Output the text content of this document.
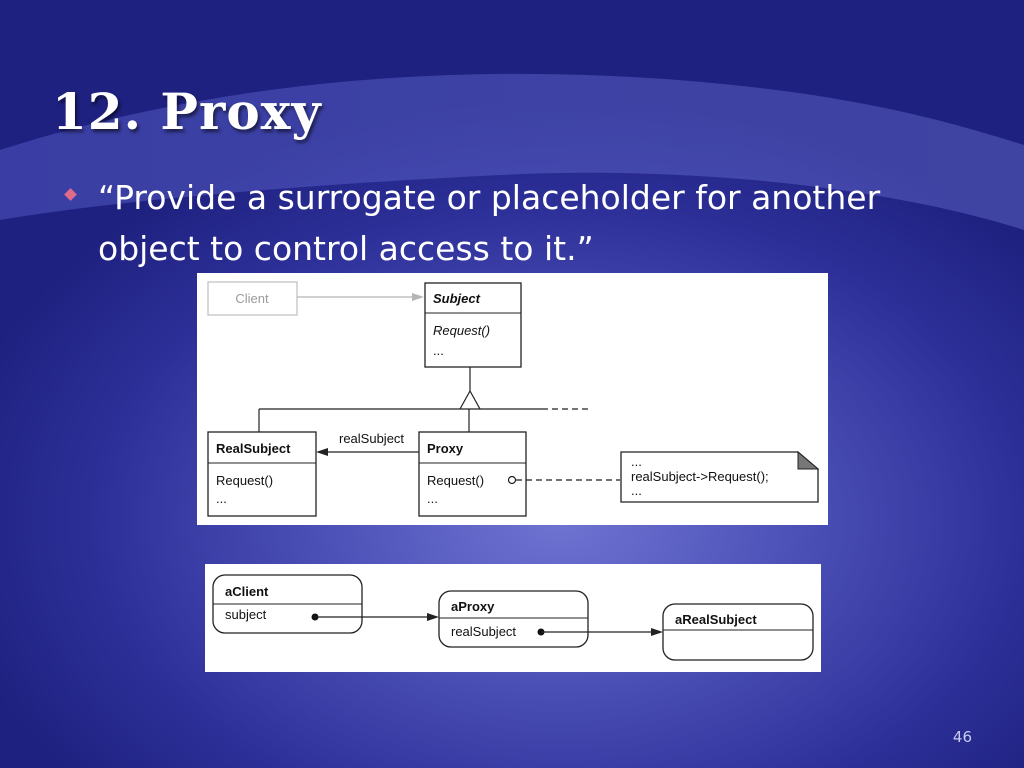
12. Proxy

“Provide a surrogate or placeholder for another object to control access to it.”

Client	Subject
Request()
...
RealSubject
Request()
...
Proxy
Request()
...
realSubject
...
realSubject->Request();
...
aClient
subject
aProxy
realSubject
aRealSubject
46
